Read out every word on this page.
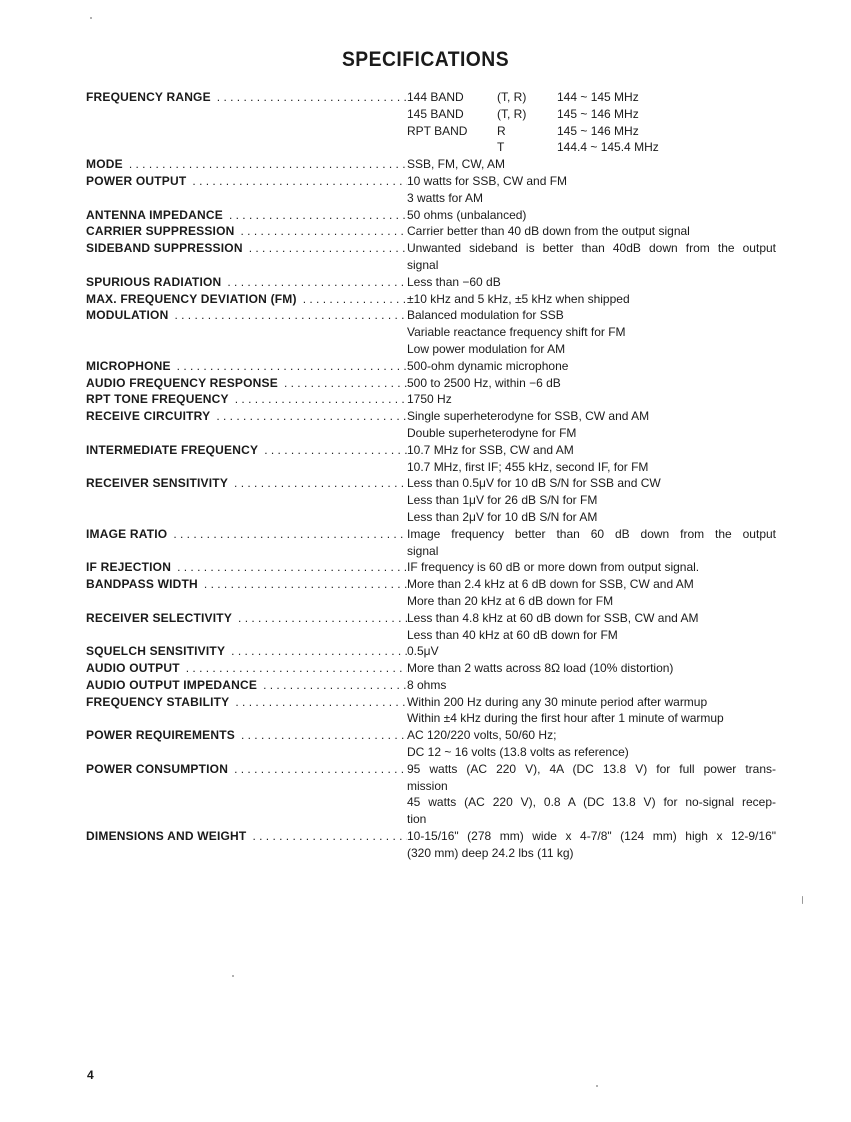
SPECIFICATIONS
FREQUENCY RANGE . . .	144 BAND	(T, R)	144 ~ 145 MHz
145 BAND	(T, R)	145 ~ 146 MHz
RPT BAND	R	145 ~ 146 MHz
T	144.4 ~ 145.4 MHz
MODE . . .	SSB, FM, CW, AM
POWER OUTPUT . . .	10 watts for SSB, CW and FM
3 watts for AM
ANTENNA IMPEDANCE . . .	50 ohms (unbalanced)
CARRIER SUPPRESSION . . .	Carrier better than 40 dB down from the output signal
SIDEBAND SUPPRESSION . . .	Unwanted sideband is better than 40dB down from the output
signal
SPURIOUS RADIATION . . .	Less than −60 dB
MAX. FREQUENCY DEVIATION (FM) . . .	±10 kHz and 5 kHz, ±5 kHz when shipped
MODULATION . . .	Balanced modulation for SSB
Variable reactance frequency shift for FM
Low power modulation for AM
MICROPHONE . . .	500-ohm dynamic microphone
AUDIO FREQUENCY RESPONSE . . .	500 to 2500 Hz, within −6 dB
RPT TONE FREQUENCY . . .	1750 Hz
RECEIVE CIRCUITRY . . .	Single superheterodyne for SSB, CW and AM
Double superheterodyne for FM
INTERMEDIATE FREQUENCY . . .	10.7 MHz for SSB, CW and AM
10.7 MHz, first IF; 455 kHz, second IF, for FM
RECEIVER SENSITIVITY . . .	Less than 0.5μV for 10 dB S/N for SSB and CW
Less than 1μV for 26 dB S/N for FM
Less than 2μV for 10 dB S/N for AM
IMAGE RATIO . . .	Image frequency better than 60 dB down from the output
signal
IF REJECTION . . .	IF frequency is 60 dB or more down from output signal.
BANDPASS WIDTH . . .	More than 2.4 kHz at 6 dB down for SSB, CW and AM
More than 20 kHz at 6 dB down for FM
RECEIVER SELECTIVITY . . .	Less than 4.8 kHz at 60 dB down for SSB, CW and AM
Less than 40 kHz at 60 dB down for FM
SQUELCH SENSITIVITY . . .	0.5μV
AUDIO OUTPUT . . .	More than 2 watts across 8Ω load (10% distortion)
AUDIO OUTPUT IMPEDANCE . . .	8 ohms
FREQUENCY STABILITY . . .	Within 200 Hz during any 30 minute period after warmup
Within ±4 kHz during the first hour after 1 minute of warmup
POWER REQUIREMENTS . . .	AC 120/220 volts, 50/60 Hz;
DC 12 ~ 16 volts (13.8 volts as reference)
POWER CONSUMPTION . . .	95 watts (AC 220 V), 4A (DC 13.8 V) for full power trans-
mission
45 watts (AC 220 V), 0.8 A (DC 13.8 V) for no-signal recep-
tion
DIMENSIONS AND WEIGHT . . .	10-15/16" (278 mm) wide x 4-7/8" (124 mm) high x 12-9/16"
(320 mm) deep 24.2 lbs (11 kg)
4
